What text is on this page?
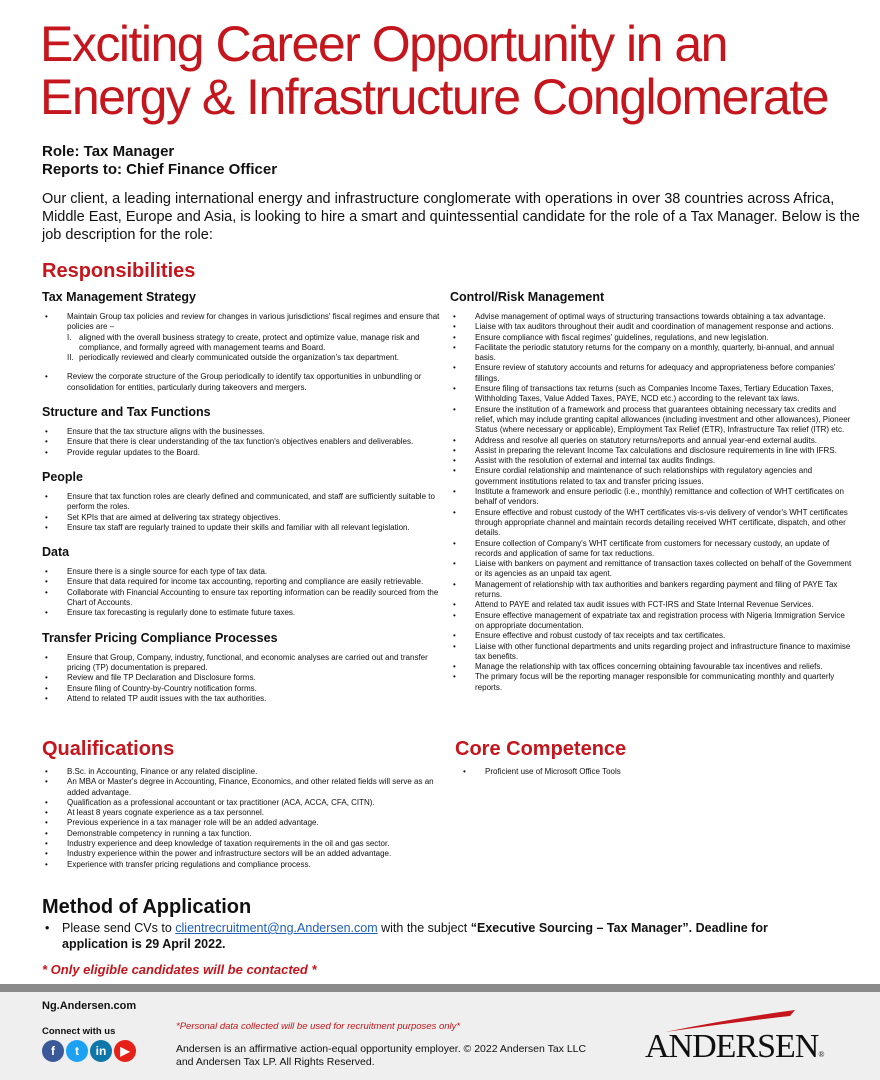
Exciting Career Opportunity in an
Energy & Infrastructure Conglomerate
Role: Tax Manager
Reports to: Chief Finance Officer
Our client, a leading international energy and infrastructure conglomerate with operations in over 38 countries across Africa, Middle East, Europe and Asia, is looking to hire a smart and quintessential candidate for the role of a Tax Manager. Below is the job description for the role:
Responsibilities
Tax Management Strategy
• Maintain Group tax policies and review for changes in various jurisdictions' fiscal regimes and ensure that policies are –
I. aligned with the overall business strategy to create, protect and optimize value, manage risk and compliance, and formally agreed with management teams and Board.
II. periodically reviewed and clearly communicated outside the organization's tax department.
• Review the corporate structure of the Group periodically to identify tax opportunities in unbundling or consolidation for entities, particularly during takeovers and mergers.
Structure and Tax Functions
• Ensure that the tax structure aligns with the businesses.
• Ensure that there is clear understanding of the tax function's objectives enablers and deliverables.
• Provide regular updates to the Board.
People
• Ensure that tax function roles are clearly defined and communicated, and staff are sufficiently suitable to perform the roles.
• Set KPIs that are aimed at delivering tax strategy objectives.
• Ensure tax staff are regularly trained to update their skills and familiar with all relevant legislation.
Data
• Ensure there is a single source for each type of tax data.
• Ensure that data required for income tax accounting, reporting and compliance are easily retrievable.
• Collaborate with Financial Accounting to ensure tax reporting information can be readily sourced from the Chart of Accounts.
• Ensure tax forecasting is regularly done to estimate future taxes.
Transfer Pricing Compliance Processes
• Ensure that Group, Company, industry, functional, and economic analyses are carried out and transfer pricing (TP) documentation is prepared.
• Review and file TP Declaration and Disclosure forms.
• Ensure filing of Country-by-Country notification forms.
• Attend to related TP audit issues with the tax authorities.
Control/Risk Management
• Advise management of optimal ways of structuring transactions towards obtaining a tax advantage.
• Liaise with tax auditors throughout their audit and coordination of management response and actions.
• Ensure compliance with fiscal regimes' guidelines, regulations, and new legislation.
• Facilitate the periodic statutory returns for the company on a monthly, quarterly, bi-annual, and annual basis.
• Ensure review of statutory accounts and returns for adequacy and appropriateness before companies' fillings.
• Ensure filing of transactions tax returns (such as Companies Income Taxes, Tertiary Education Taxes, Withholding Taxes, Value Added Taxes, PAYE, NCD etc.) according to the relevant tax laws.
• Ensure the institution of a framework and process that guarantees obtaining necessary tax credits and relief, which may include granting capital allowances (including investment and other allowances), Pioneer Status (where necessary or applicable), Employment Tax Relief (ETR), Infrastructure Tax relief (ITR) etc.
• Address and resolve all queries on statutory returns/reports and annual year-end external audits.
• Assist in preparing the relevant Income Tax calculations and disclosure requirements in line with IFRS.
• Assist with the resolution of external and internal tax audits findings.
• Ensure cordial relationship and maintenance of such relationships with regulatory agencies and government institutions related to tax and transfer pricing issues.
• Institute a framework and ensure periodic (i.e., monthly) remittance and collection of WHT certificates on behalf of vendors.
• Ensure effective and robust custody of the WHT certificates vis-s-vis delivery of vendor's WHT certificates through appropriate channel and maintain records detailing received WHT certificate, dispatch, and other details.
• Ensure collection of Company's WHT certificate from customers for necessary custody, an update of records and application of same for tax reductions.
• Liaise with bankers on payment and remittance of transaction taxes collected on behalf of the Government or its agencies as an unpaid tax agent.
• Management of relationship with tax authorities and bankers regarding payment and filing of PAYE Tax returns.
• Attend to PAYE and related tax audit issues with FCT-IRS and State Internal Revenue Services.
• Ensure effective management of expatriate tax and registration process with Nigeria Immigration Service on appropriate documentation.
• Ensure effective and robust custody of tax receipts and tax certificates.
• Liaise with other functional departments and units regarding project and infrastructure finance to maximise tax benefits.
• Manage the relationship with tax offices concerning obtaining favourable tax incentives and reliefs.
• The primary focus will be the reporting manager responsible for communicating monthly and quarterly reports.
Qualifications
• B.Sc. in Accounting, Finance or any related discipline.
• An MBA or Master's degree in Accounting, Finance, Economics, and other related fields will serve as an added advantage.
• Qualification as a professional accountant or tax practitioner (ACA, ACCA, CFA, CITN).
• At least 8 years cognate experience as a tax personnel.
• Previous experience in a tax manager role will be an added advantage.
• Demonstrable competency in running a tax function.
• Industry experience and deep knowledge of taxation requirements in the oil and gas sector.
• Industry experience within the power and infrastructure sectors will be an added advantage.
• Experience with transfer pricing regulations and compliance process.
Core Competence
• Proficient use of Microsoft Office Tools
Method of Application
• Please send CVs to clientrecruitment@ng.Andersen.com with the subject “Executive Sourcing – Tax Manager”. Deadline for application is 29 April 2022.
* Only eligible candidates will be contacted *
Ng.Andersen.com
Connect with us
f	t	in	▶
*Personal data collected will be used for recruitment purposes only*
Andersen is an affirmative action-equal opportunity employer. © 2022 Andersen Tax LLC and Andersen Tax LP. All Rights Reserved.	ANDERSEN®
